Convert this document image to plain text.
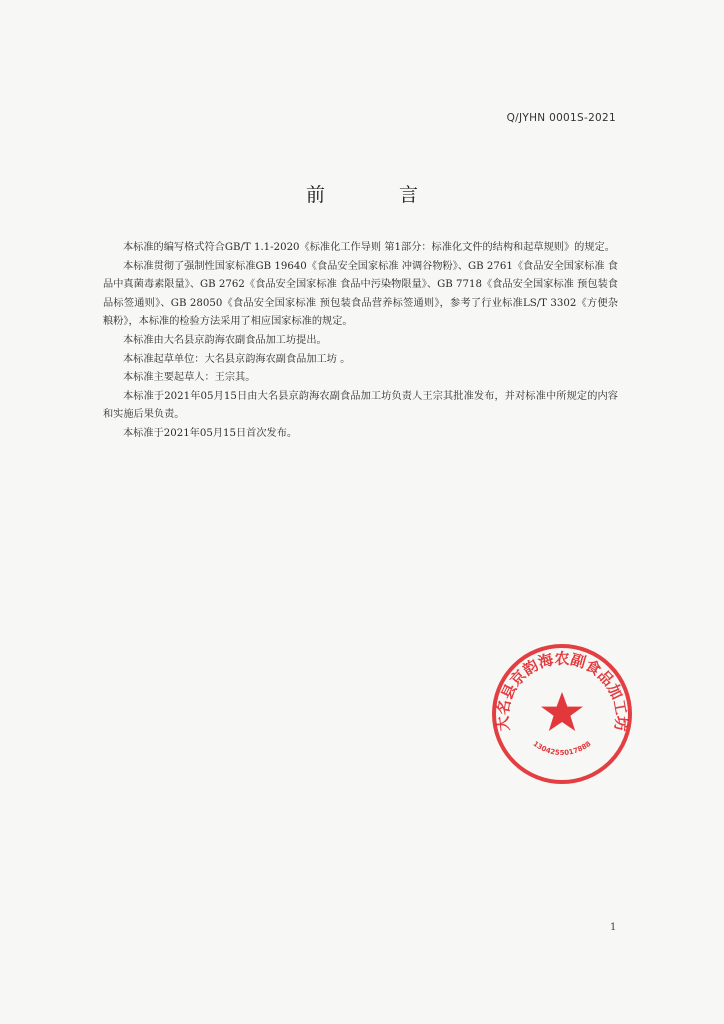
Q/JYHN 0001S-2021
前 言

本标准的编写格式符合GB/T 1.1-2020《标准化工作导则 第1部分：标准化文件的结构和起草规则》的规定。

本标准贯彻了强制性国家标准GB 19640《食品安全国家标准 冲调谷物粉》、GB 2761《食品安全国家标准 食品中真菌毒素限量》、GB 2762《食品安全国家标准 食品中污染物限量》、GB 7718《食品安全国家标准 预包装食品标签通则》、GB 28050《食品安全国家标准 预包装食品营养标签通则》，参考了行业标准LS/T 3302《方便杂粮粉》，本标准的检验方法采用了相应国家标准的规定。

本标准由大名县京韵海农副食品加工坊提出。

本标准起草单位：大名县京韵海农副食品加工坊 。

本标准主要起草人：王宗其。

本标准于2021年05月15日由大名县京韵海农副食品加工坊负责人王宗其批准发布，并对标准中所规定的内容和实施后果负责。

本标准于2021年05月15日首次发布。

大名县京韵海农副食品加工坊
1304255017888
1
